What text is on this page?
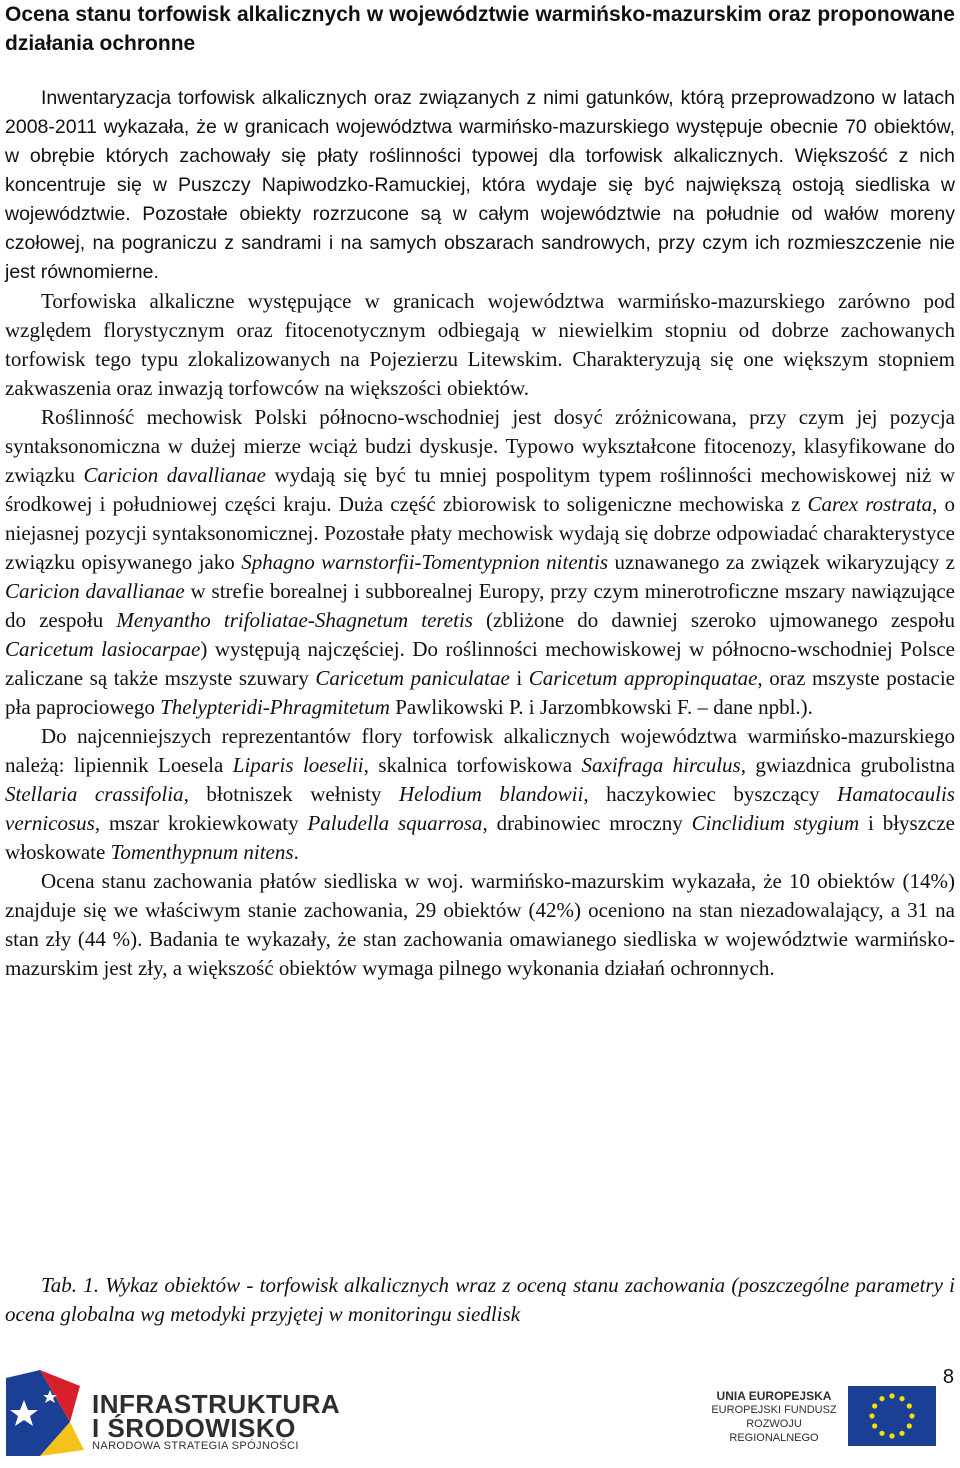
Ocena stanu torfowisk alkalicznych w województwie warmińsko-mazurskim oraz proponowane działania ochronne

Inwentaryzacja torfowisk alkalicznych oraz związanych z nimi gatunków, którą przeprowadzono w latach 2008-2011 wykazała, że w granicach województwa warmińsko-mazurskiego występuje obecnie 70 obiektów, w obrębie których zachowały się płaty roślinności typowej dla torfowisk alkalicznych. Większość z nich koncentruje się w Puszczy Napiwodzko-Ramuckiej, która wydaje się być największą ostoją siedliska w województwie. Pozostałe obiekty rozrzucone są w całym województwie na południe od wałów moreny czołowej, na pograniczu z sandrami i na samych obszarach sandrowych, przy czym ich rozmieszczenie nie jest równomierne.

Torfowiska alkaliczne występujące w granicach województwa warmińsko-mazurskiego zarówno pod względem florystycznym oraz fitocenotycznym odbiegają w niewielkim stopniu od dobrze zachowanych torfowisk tego typu zlokalizowanych na Pojezierzu Litewskim. Charakteryzują się one większym stopniem zakwaszenia oraz inwazją torfowców na większości obiektów.

Roślinność mechowisk Polski północno-wschodniej jest dosyć zróżnicowana, przy czym jej pozycja syntaksonomiczna w dużej mierze wciąż budzi dyskusje. Typowo wykształcone fitocenozy, klasyfikowane do związku Caricion davallianae wydają się być tu mniej pospolitym typem roślinności mechowiskowej niż w środkowej i południowej części kraju. Duża część zbiorowisk to soligeniczne mechowiska z Carex rostrata, o niejasnej pozycji syntaksonomicznej. Pozostałe płaty mechowisk wydają się dobrze odpowiadać charakterystyce związku opisywanego jako Sphagno warnstorfii-Tomentypnion nitentis uznawanego za związek wikaryzujący z Caricion davallianae w strefie borealnej i subborealnej Europy, przy czym minerotroficzne mszary nawiązujące do zespołu Menyantho trifoliatae-Shagnetum teretis (zbliżone do dawniej szeroko ujmowanego zespołu Caricetum lasiocarpae) występują najczęściej. Do roślinności mechowiskowej w północno-wschodniej Polsce zaliczane są także mszyste szuwary Caricetum paniculatae i Caricetum appropinquatae, oraz mszyste postacie pła paprociowego Thelypteridi-Phragmitetum Pawlikowski P. i Jarzombkowski F. – dane npbl.).

Do najcenniejszych reprezentantów flory torfowisk alkalicznych województwa warmińsko-mazurskiego należą: lipiennik Loesela Liparis loeselii, skalnica torfowiskowa Saxifraga hirculus, gwiazdnica grubolistna Stellaria crassifolia, błotniszek wełnisty Helodium blandowii, haczykowiec byszczący Hamatocaulis vernicosus, mszar krokiewkowaty Paludella squarrosa, drabinowiec mroczny Cinclidium stygium i błyszcze włoskowate Tomenthypnum nitens.

Ocena stanu zachowania płatów siedliska w woj. warmińsko-mazurskim wykazała, że 10 obiektów (14%) znajduje się we właściwym stanie zachowania, 29 obiektów (42%) oceniono na stan niezadowalający, a 31 na stan zły (44 %). Badania te wykazały, że stan zachowania omawianego siedliska w województwie warmińsko-mazurskim jest zły, a większość obiektów wymaga pilnego wykonania działań ochronnych.

Tab. 1. Wykaz obiektów - torfowisk alkalicznych wraz z oceną stanu zachowania (poszczególne parametry i ocena globalna wg metodyki przyjętej w monitoringu siedlisk

8
INFRASTRUKTURA
I ŚRODOWISKO
NARODOWA STRATEGIA SPÓJNOŚCI
UNIA EUROPEJSKA
EUROPEJSKI FUNDUSZ
ROZWOJU REGIONALNEGO
